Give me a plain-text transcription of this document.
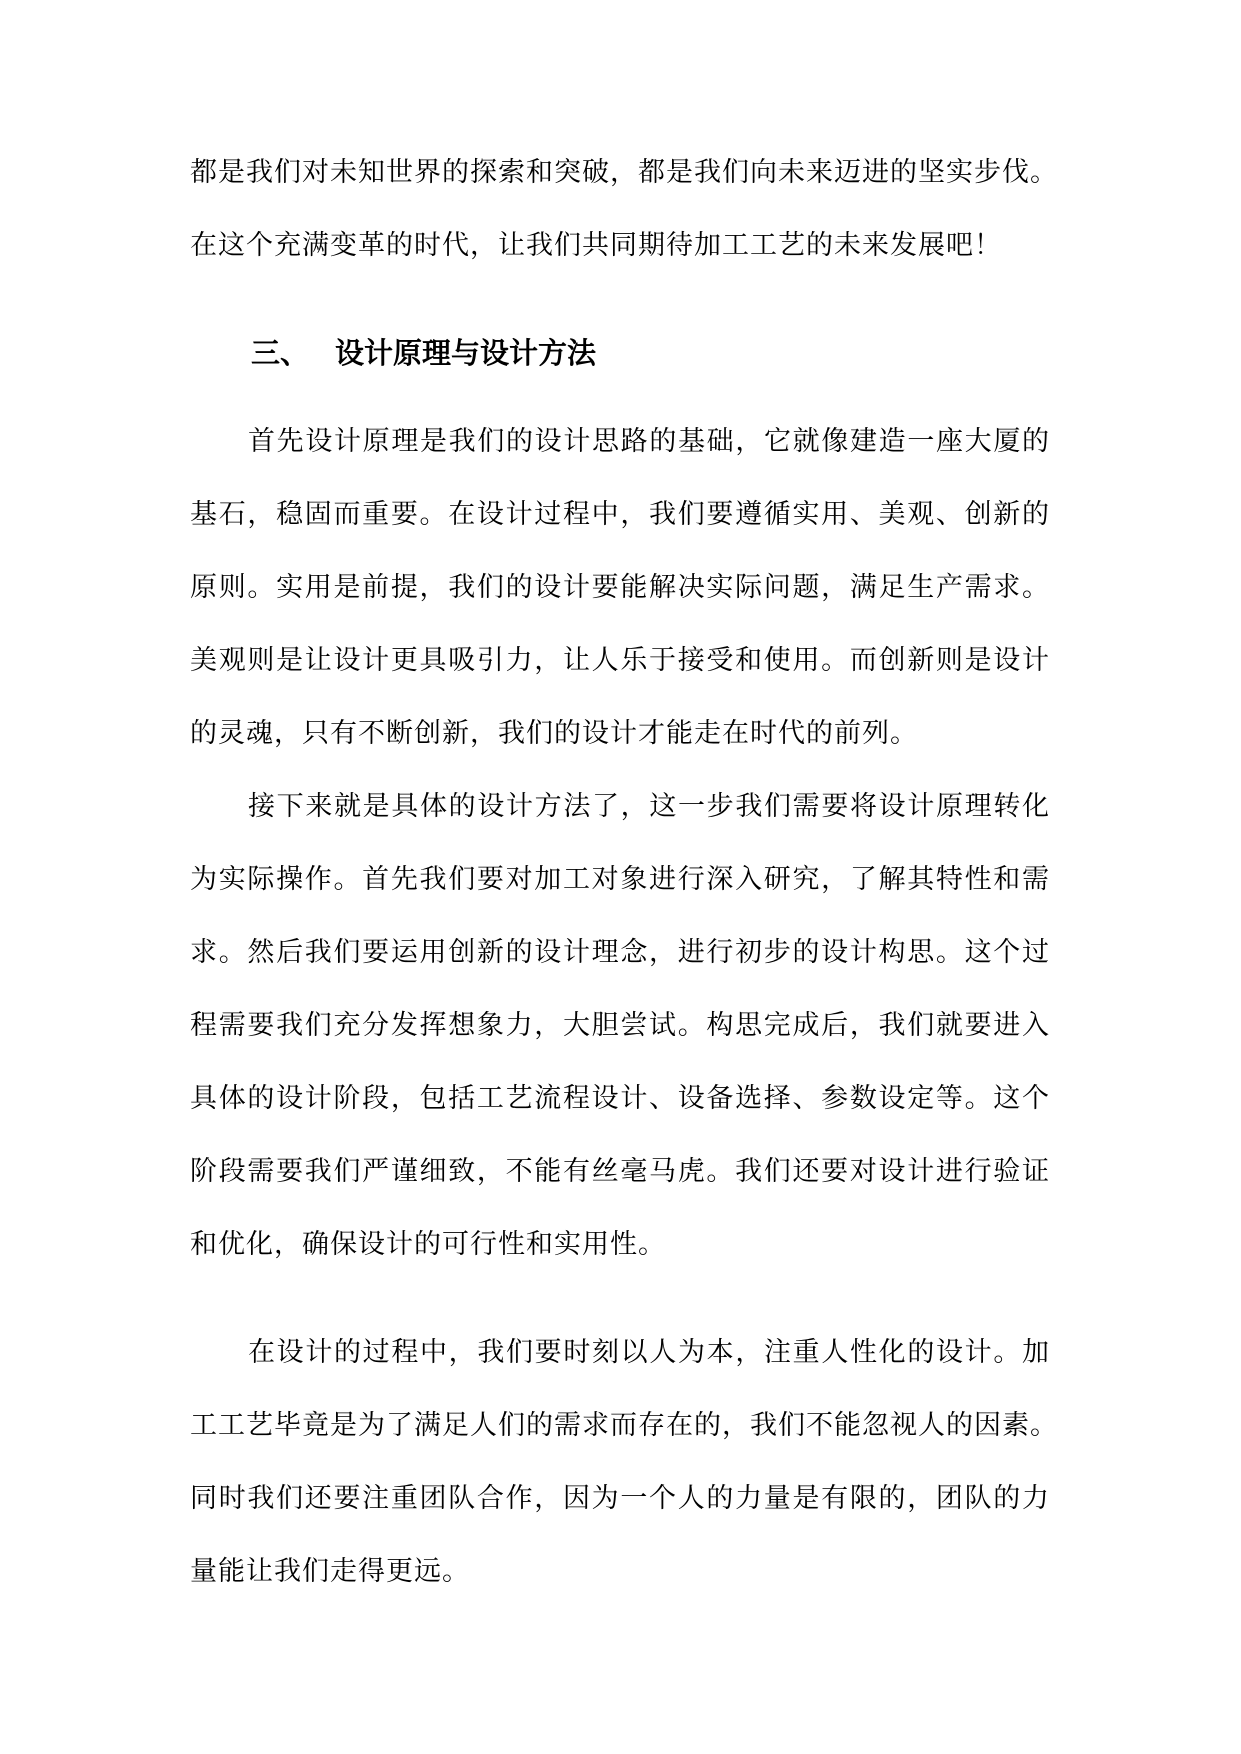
都是我们对未知世界的探索和突破，都是我们向未来迈进的坚实步伐。
在这个充满变革的时代，让我们共同期待加工工艺的未来发展吧！
三、 设计原理与设计方法
首先设计原理是我们的设计思路的基础，它就像建造一座大厦的
基石，稳固而重要。在设计过程中，我们要遵循实用、美观、创新的
原则。实用是前提，我们的设计要能解决实际问题，满足生产需求。
美观则是让设计更具吸引力，让人乐于接受和使用。而创新则是设计
的灵魂，只有不断创新，我们的设计才能走在时代的前列。
接下来就是具体的设计方法了，这一步我们需要将设计原理转化
为实际操作。首先我们要对加工对象进行深入研究，了解其特性和需
求。然后我们要运用创新的设计理念，进行初步的设计构思。这个过
程需要我们充分发挥想象力，大胆尝试。构思完成后，我们就要进入
具体的设计阶段，包括工艺流程设计、设备选择、参数设定等。这个
阶段需要我们严谨细致，不能有丝毫马虎。我们还要对设计进行验证
和优化，确保设计的可行性和实用性。
在设计的过程中，我们要时刻以人为本，注重人性化的设计。加
工工艺毕竟是为了满足人们的需求而存在的，我们不能忽视人的因素。
同时我们还要注重团队合作，因为一个人的力量是有限的，团队的力
量能让我们走得更远。
